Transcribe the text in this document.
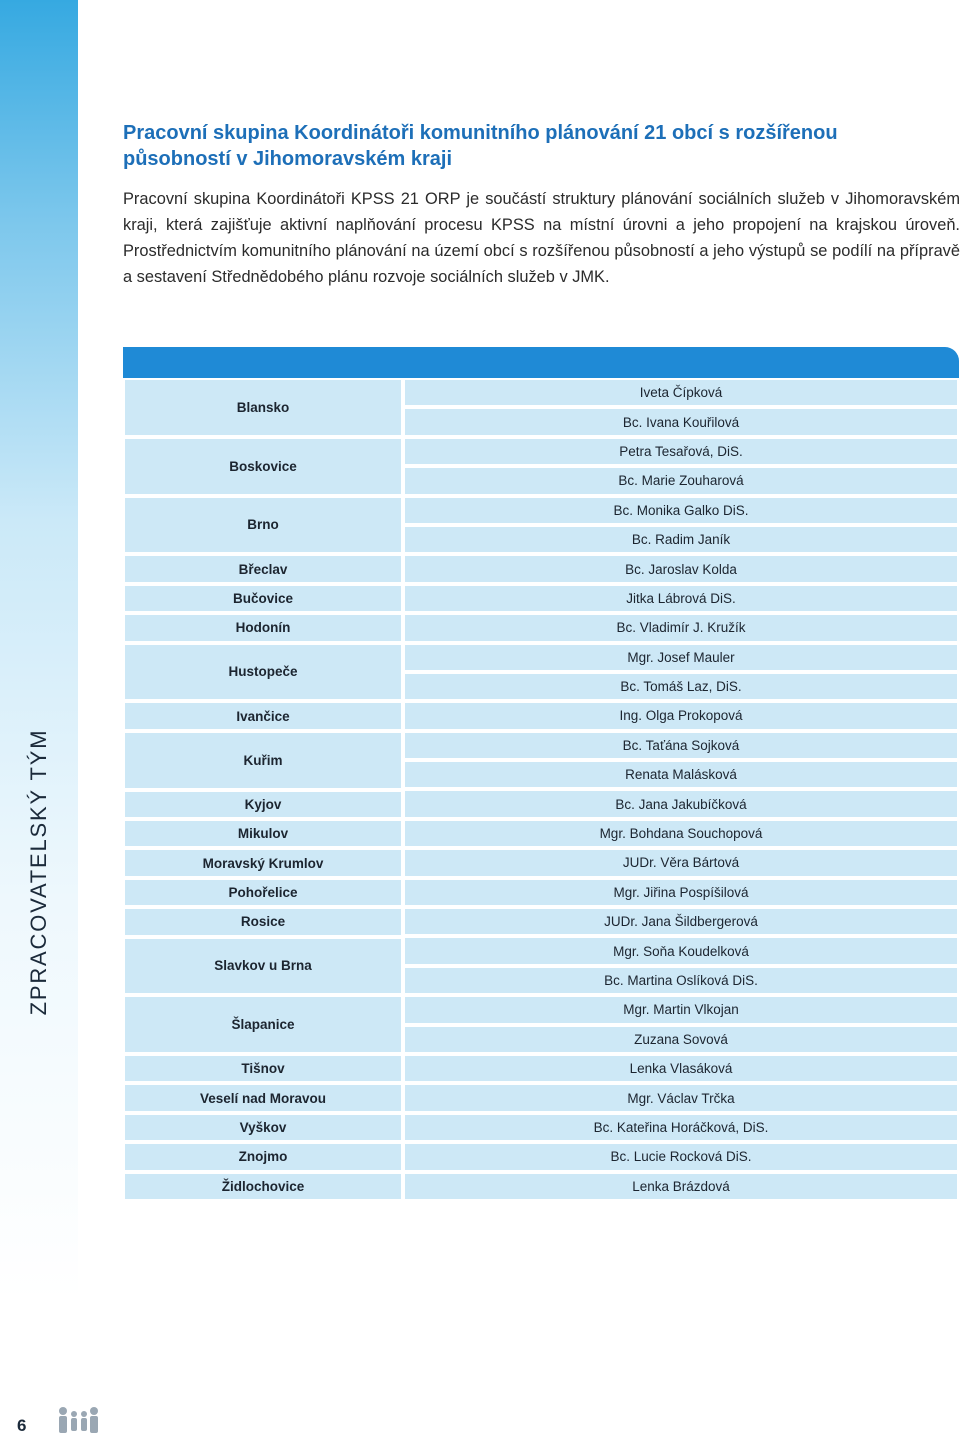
ZPRACOVATELSKÝ TÝM
Pracovní skupina Koordinátoři komunitního plánování 21 obcí s rozšířenou působností v Jihomoravském kraji

Pracovní skupina Koordinátoři KPSS 21 ORP je součástí struktury plánování sociálních služeb v Jihomoravském kraji, která zajišťuje aktivní naplňování procesu KPSS na místní úrovni a jeho propojení na krajskou úroveň. Prostřednictvím komunitního plánování na území obcí s rozšířenou působností a jeho výstupů se podílí na přípravě a sestavení Střednědobého plánu rozvoje sociálních služeb v JMK.

Blansko
Boskovice
Brno
Břeclav
Bučovice
Hodonín
Hustopeče
Ivančice
Kuřim
Kyjov
Mikulov
Moravský Krumlov
Pohořelice
Rosice
Slavkov u Brna
Šlapanice
Tišnov
Veselí nad Moravou
Vyškov
Znojmo
Židlochovice
Iveta Čípková
Bc. Ivana Kouřilová
Petra Tesařová, DiS.
Bc. Marie Zouharová
Bc. Monika Galko DiS.
Bc. Radim Janík
Bc. Jaroslav Kolda
Jitka Lábrová DiS.
Bc. Vladimír J. Kružík
Mgr. Josef Mauler
Bc. Tomáš Laz, DiS.
Ing. Olga Prokopová
Bc. Taťána Sojková
Renata Malásková
Bc. Jana Jakubíčková
Mgr. Bohdana Souchopová
JUDr. Věra Bártová
Mgr. Jiřina Pospíšilová
JUDr. Jana Šildbergerová
Mgr. Soňa Koudelková
Bc. Martina Oslíková DiS.
Mgr. Martin Vlkojan
Zuzana Sovová
Lenka Vlasáková
Mgr. Václav Trčka
Bc. Kateřina Horáčková, DiS.
Bc. Lucie Rocková DiS.
Lenka Brázdová
6
